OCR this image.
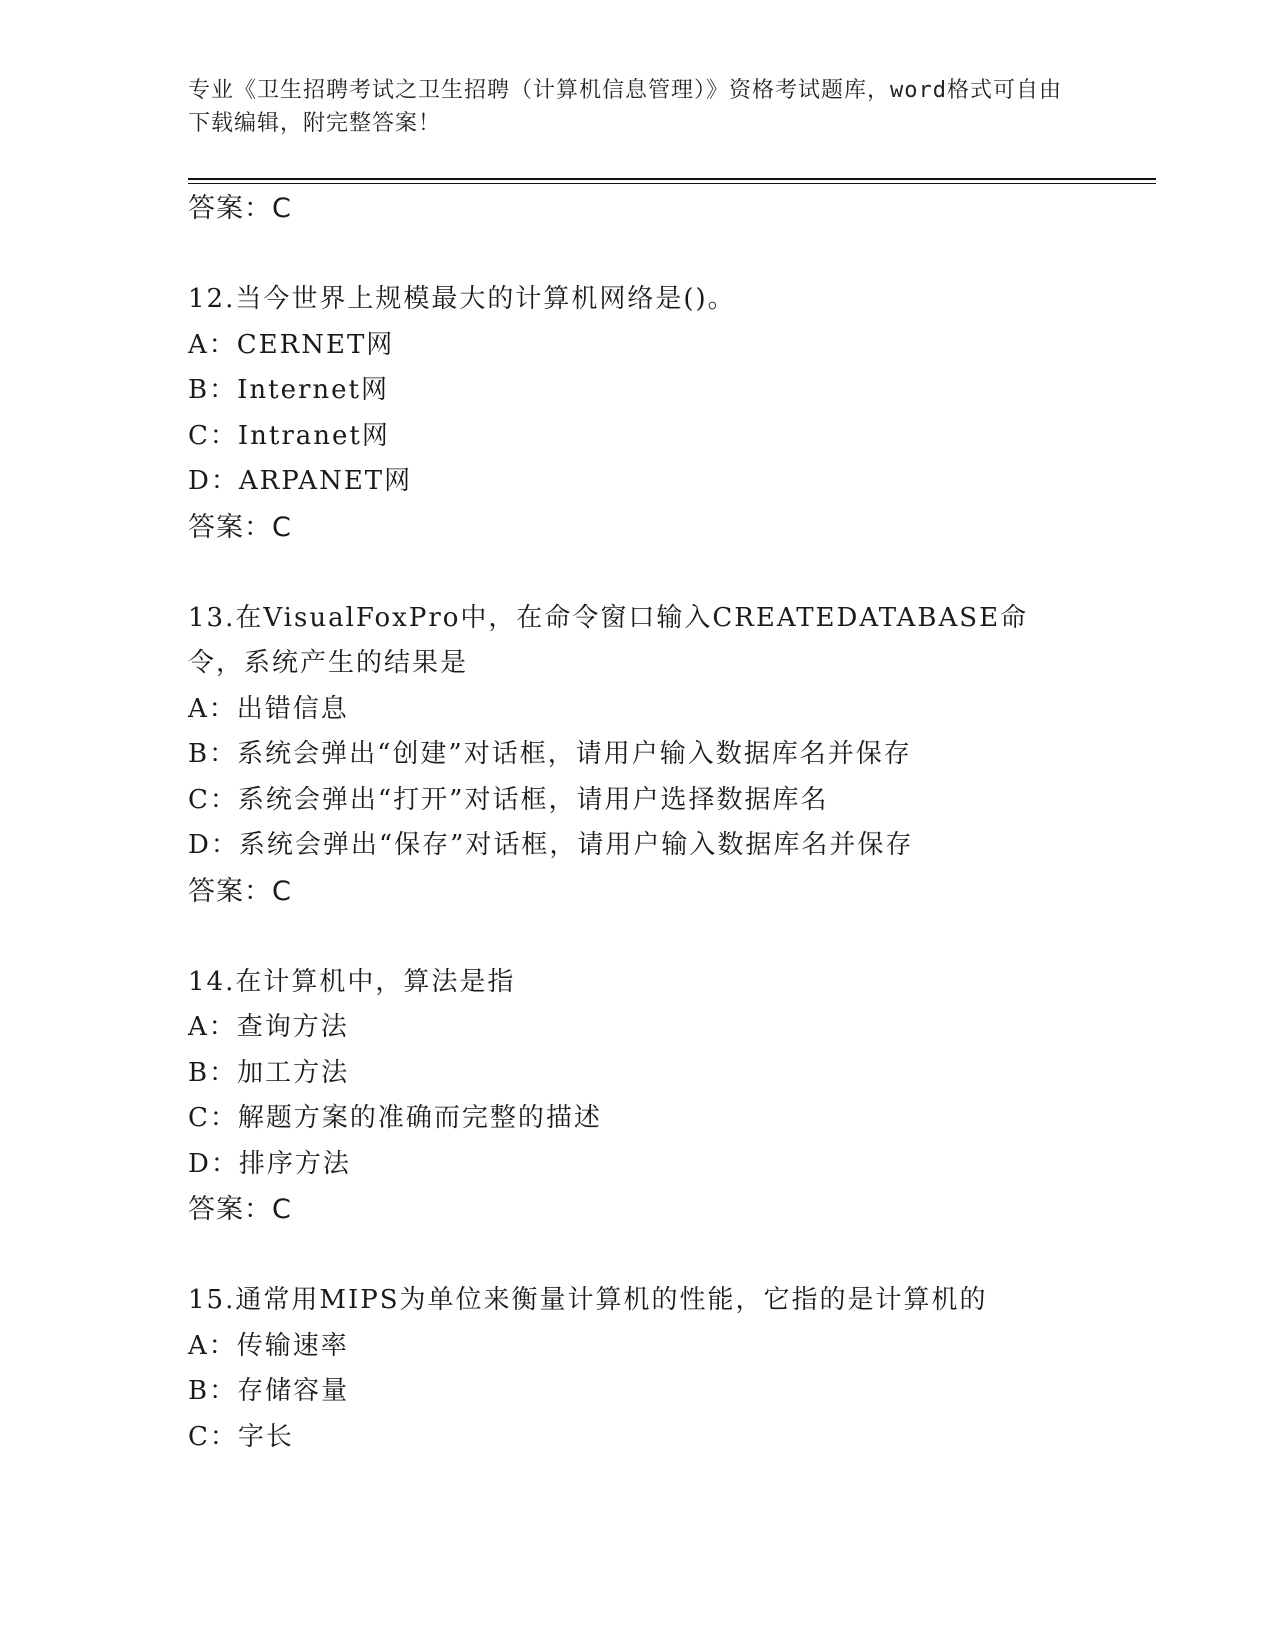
专业《卫生招聘考试之卫生招聘（计算机信息管理）》资格考试题库，word格式可自由下载编辑，附完整答案！
答案：C
12.当今世界上规模最大的计算机网络是()。
A：CERNET网
B：Internet网
C：Intranet网
D：ARPANET网
答案：C
13.在VisualFoxPro中，在命令窗口输入CREATEDATABASE命令，系统产生的结果是
A：出错信息
B：系统会弹出“创建”对话框，请用户输入数据库名并保存
C：系统会弹出“打开”对话框，请用户选择数据库名
D：系统会弹出“保存”对话框，请用户输入数据库名并保存
答案：C
14.在计算机中，算法是指
A：查询方法
B：加工方法
C：解题方案的准确而完整的描述
D：排序方法
答案：C
15.通常用MIPS为单位来衡量计算机的性能，它指的是计算机的
A：传输速率
B：存储容量
C：字长
